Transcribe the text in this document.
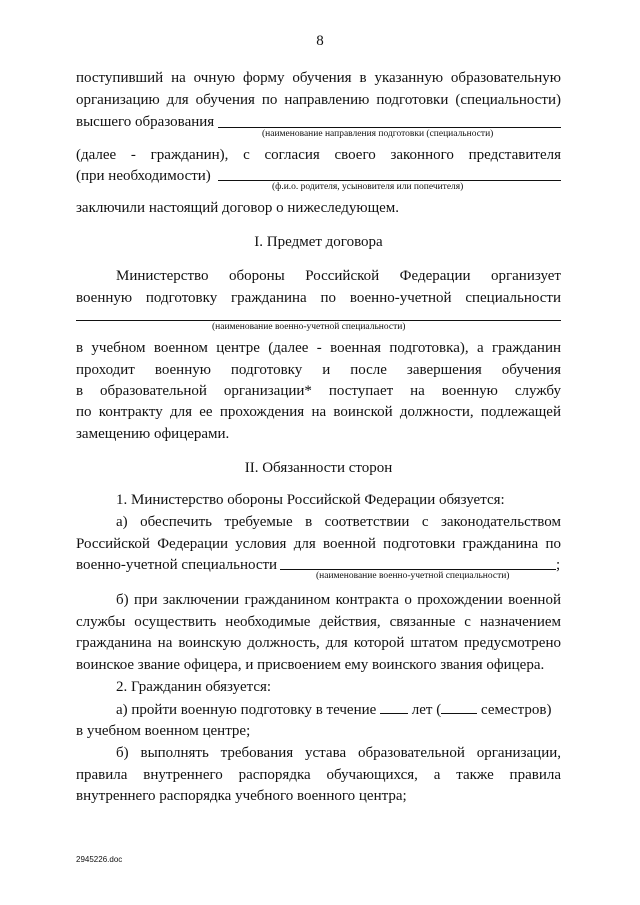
8
поступивший на очную форму обучения в указанную образовательную
организацию для обучения по направлению подготовки (специальности)
высшего образования
(наименование направления подготовки (специальности)
(далее - гражданин), с согласия своего законного представителя
(при необходимости)
(ф.и.о. родителя, усыновителя или попечителя)
заключили настоящий договор о нижеследующем.
I. Предмет договора
Министерство обороны Российской Федерации организует
военную подготовку гражданина по военно-учетной специальности
(наименование военно-учетной специальности)
в учебном военном центре (далее - военная подготовка), а гражданин
проходит военную подготовку и после завершения обучения
в образовательной организации* поступает на военную службу
по контракту для ее прохождения на воинской должности, подлежащей
замещению офицерами.
II. Обязанности сторон
1. Министерство обороны Российской Федерации обязуется:
а) обеспечить требуемые в соответствии с законодательством
Российской Федерации условия для военной подготовки гражданина по
военно-учетной специальности	;
(наименование военно-учетной специальности)
б) при заключении гражданином контракта о прохождении военной
службы осуществить необходимые действия, связанные с назначением
гражданина на воинскую должность, для которой штатом предусмотрено
воинское звание офицера, и присвоением ему воинского звания офицера.
2. Гражданин обязуется:
а) пройти военную подготовку в течение лет (	семестров)
в учебном военном центре;
б) выполнять требования устава образовательной организации,
правила внутреннего распорядка обучающихся, а также правила
внутреннего распорядка учебного военного центра;
2945226.doc
